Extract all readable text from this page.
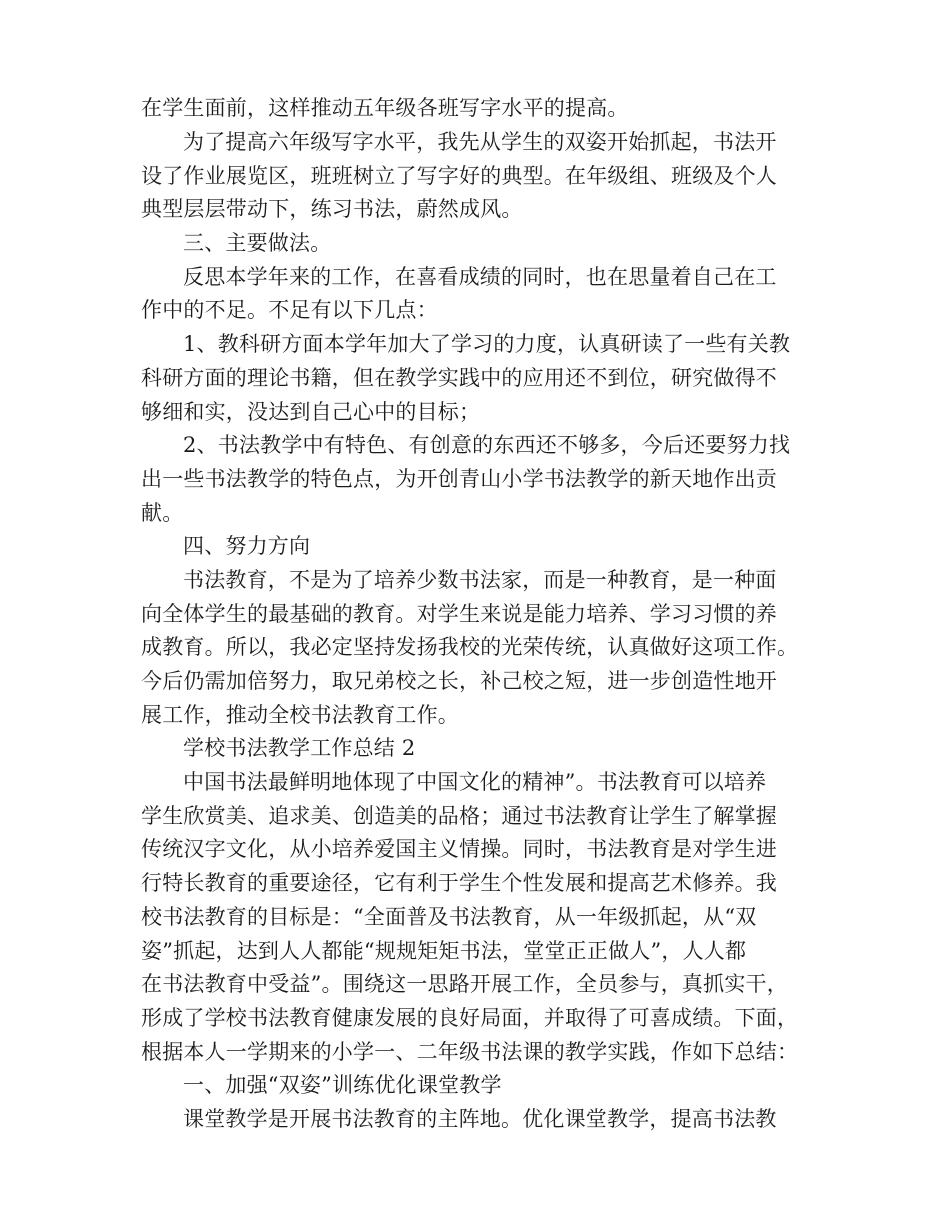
在学生面前，这样推动五年级各班写字水平的提高。

为了提高六年级写字水平，我先从学生的双姿开始抓起，书法开

设了作业展览区，班班树立了写字好的典型。在年级组、班级及个人

典型层层带动下，练习书法，蔚然成风。

三、主要做法。

反思本学年来的工作，在喜看成绩的同时，也在思量着自己在工

作中的不足。不足有以下几点：

1、教科研方面本学年加大了学习的力度，认真研读了一些有关教

科研方面的理论书籍，但在教学实践中的应用还不到位，研究做得不

够细和实，没达到自己心中的目标；

2、书法教学中有特色、有创意的东西还不够多，今后还要努力找

出一些书法教学的特色点，为开创青山小学书法教学的新天地作出贡

献。

四、努力方向

书法教育，不是为了培养少数书法家，而是一种教育，是一种面

向全体学生的最基础的教育。对学生来说是能力培养、学习习惯的养

成教育。所以，我必定坚持发扬我校的光荣传统，认真做好这项工作。

今后仍需加倍努力，取兄弟校之长，补己校之短，进一步创造性地开

展工作，推动全校书法教育工作。

学校书法教学工作总结 2

中国书法最鲜明地体现了中国文化的精神”。书法教育可以培养

学生欣赏美、追求美、创造美的品格；通过书法教育让学生了解掌握

传统汉字文化，从小培养爱国主义情操。同时，书法教育是对学生进

行特长教育的重要途径，它有利于学生个性发展和提高艺术修养。我

校书法教育的目标是：“全面普及书法教育，从一年级抓起，从“双

姿”抓起，达到人人都能“规规矩矩书法，堂堂正正做人”，人人都

在书法教育中受益”。围绕这一思路开展工作，全员参与，真抓实干，

形成了学校书法教育健康发展的良好局面，并取得了可喜成绩。下面，

根据本人一学期来的小学一、二年级书法课的教学实践，作如下总结：

一、加强“双姿”训练优化课堂教学

课堂教学是开展书法教育的主阵地。优化课堂教学，提高书法教
